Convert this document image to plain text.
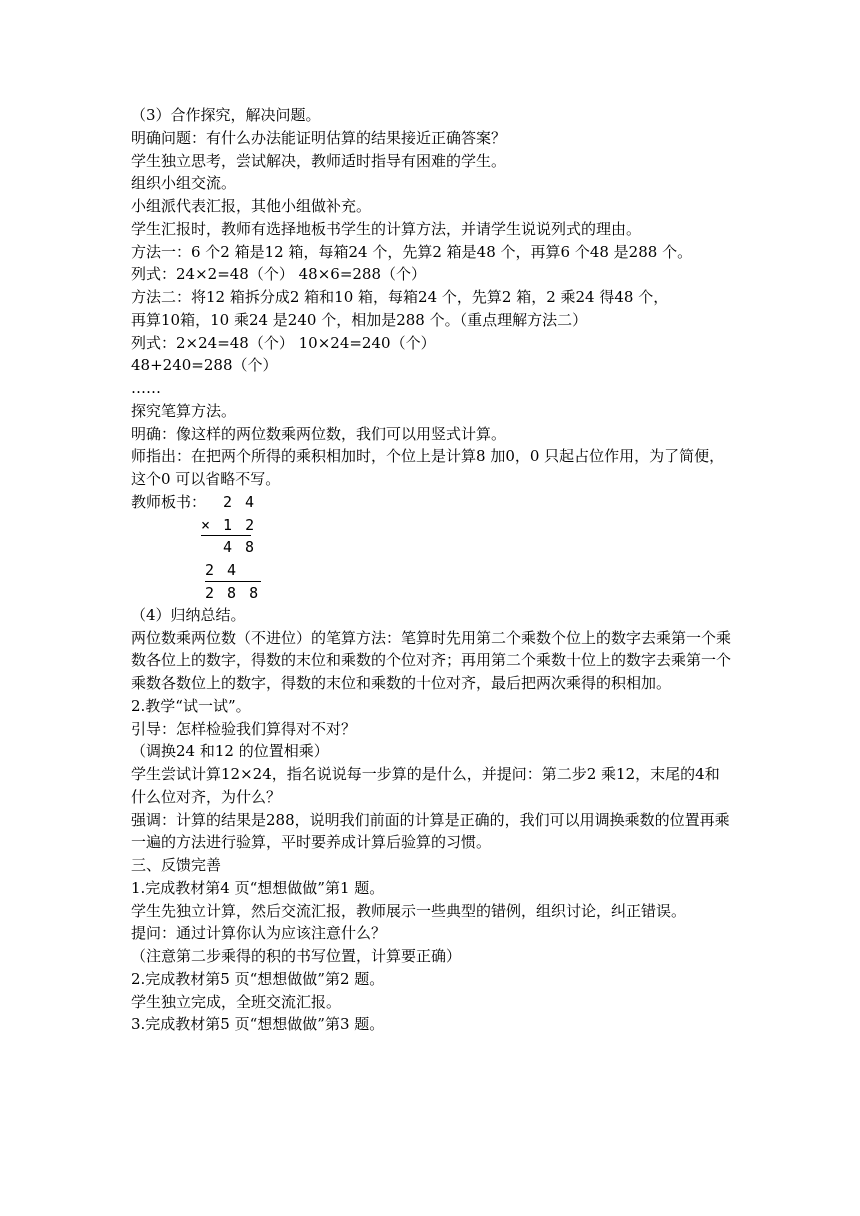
（3）合作探究，解决问题。

明确问题：有什么办法能证明估算的结果接近正确答案？

学生独立思考，尝试解决，教师适时指导有困难的学生。

组织小组交流。

小组派代表汇报，其他小组做补充。

学生汇报时，教师有选择地板书学生的计算方法，并请学生说说列式的理由。

方法一：6 个2 箱是12 箱，每箱24 个，先算2 箱是48 个，再算6 个48 是288 个。

列式：24×2=48（个） 48×6=288（个）

方法二：将12 箱拆分成2 箱和10 箱，每箱24 个，先算2 箱，2 乘24 得48 个，

再算10箱，10 乘24 是240 个，相加是288 个。（重点理解方法二）

列式：2×24=48（个） 10×24=240（个）

48+240=288（个）

……

探究笔算方法。

明确：像这样的两位数乘两位数，我们可以用竖式计算。

师指出：在把两个所得的乘积相加时，个位上是计算8 加0，0 只起占位作用，为了简便，

这个0 可以省略不写。

教师板书： 2 4
× 1 2
4 8
2 4
2 8 8

（4）归纳总结。

两位数乘两位数（不进位）的笔算方法：笔算时先用第二个乘数个位上的数字去乘第一个乘数各位上的数字，得数的末位和乘数的个位对齐；再用第二个乘数十位上的数字去乘第一个乘数各数位上的数字，得数的末位和乘数的十位对齐，最后把两次乘得的积相加。

2.教学“试一试”。

引导：怎样检验我们算得对不对？

（调换24 和12 的位置相乘）

学生尝试计算12×24，指名说说每一步算的是什么，并提问：第二步2 乘12，末尾的4和什么位对齐，为什么？

强调：计算的结果是288，说明我们前面的计算是正确的，我们可以用调换乘数的位置再乘一遍的方法进行验算，平时要养成计算后验算的习惯。

三、反馈完善

1.完成教材第4 页“想想做做”第1 题。

学生先独立计算，然后交流汇报，教师展示一些典型的错例，组织讨论，纠正错误。

提问：通过计算你认为应该注意什么？

（注意第二步乘得的积的书写位置，计算要正确）

2.完成教材第5 页“想想做做”第2 题。

学生独立完成，全班交流汇报。

3.完成教材第5 页“想想做做”第3 题。
